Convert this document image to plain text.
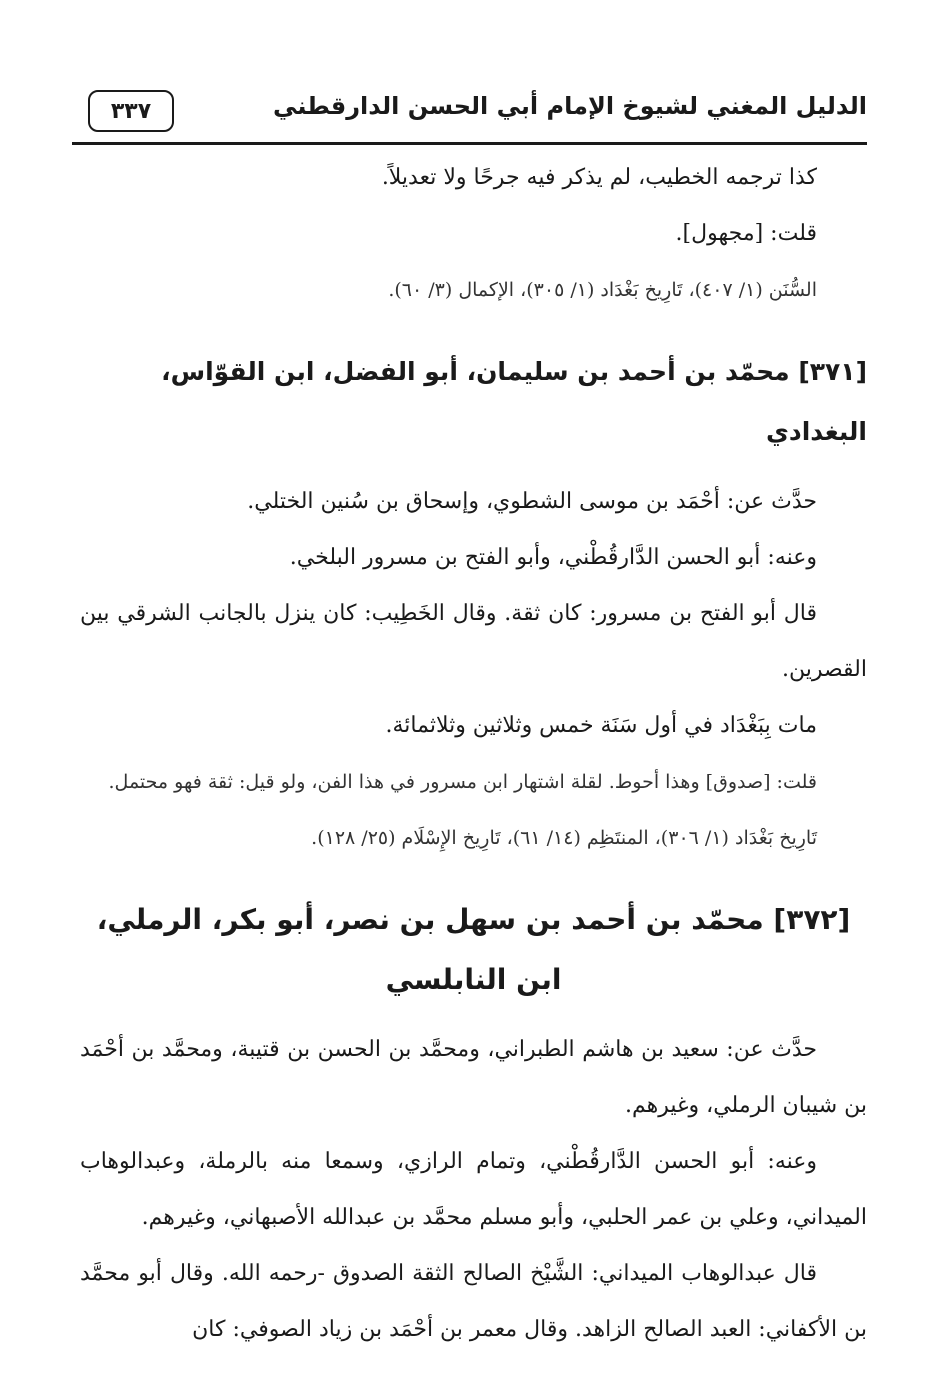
الدليل المغني لشيوخ الإمام أبي الحسن الدارقطني
٣٣٧

كذا ترجمه الخطيب، لم يذكر فيه جرحًا ولا تعديلاً.

قلت: [مجهول].

السُّنَن (١/ ٤٠٧)، تَارِيخ بَغْدَاد (١/ ٣٠٥)، الإكمال (٣/ ٦٠).

[٣٧١] محمّد بن أحمد بن سليمان، أبو الفضل، ابن القوّاس، البغدادي

حدَّث عن: أحْمَد بن موسى الشطوي، وإسحاق بن سُنين الختلي.

وعنه: أبو الحسن الدَّارقُطْني، وأبو الفتح بن مسرور البلخي.

قال أبو الفتح بن مسرور: كان ثقة. وقال الخَطِيب: كان ينزل بالجانب الشرقي بين القصرين.

مات بِبَغْدَاد في أول سَنَة خمس وثلاثين وثلاثمائة.

قلت: [صدوق] وهذا أحوط. لقلة اشتهار ابن مسرور في هذا الفن، ولو قيل: ثقة فهو محتمل.

تَارِيخ بَغْدَاد (١/ ٣٠٦)، المنتَظِم (١٤/ ٦١)، تَارِيخ الإِسْلَام (٢٥/ ١٢٨).

[٣٧٢] محمّد بن أحمد بن سهل بن نصر، أبو بكر، الرملي،
ابن النابلسي

حدَّث عن: سعيد بن هاشم الطبراني، ومحمَّد بن الحسن بن قتيبة، ومحمَّد بن أحْمَد بن شيبان الرملي، وغيرهم.

وعنه: أبو الحسن الدَّارقُطْني، وتمام الرازي، وسمعا منه بالرملة، وعبدالوهاب الميداني، وعلي بن عمر الحلبي، وأبو مسلم محمَّد بن عبدالله الأصبهاني، وغيرهم.

قال عبدالوهاب الميداني: الشَّيْخ الصالح الثقة الصدوق -رحمه الله. وقال أبو محمَّد بن الأكفاني: العبد الصالح الزاهد. وقال معمر بن أحْمَد بن زياد الصوفي: كان
